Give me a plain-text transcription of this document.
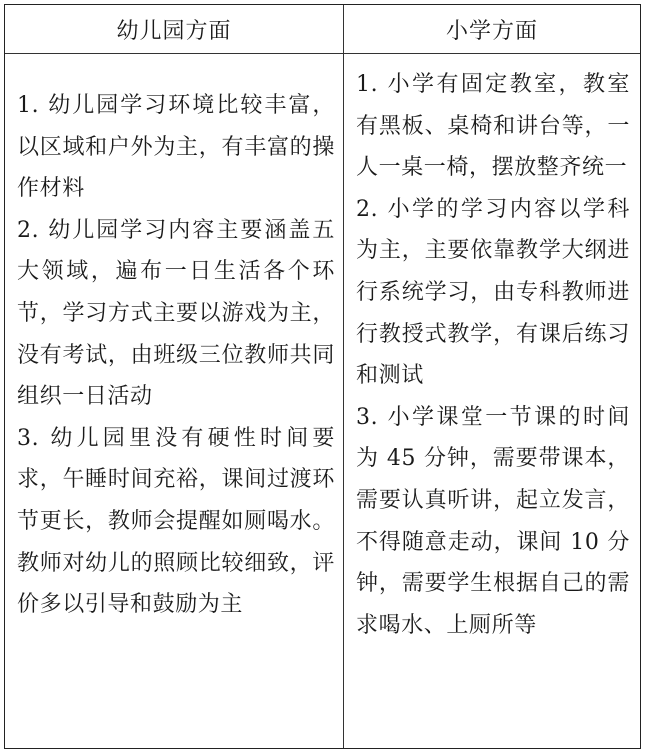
幼儿园方面	小学方面
1. 幼儿园学习环境比较丰富，以区域和户外为主，有丰富的操作材料
2. 幼儿园学习内容主要涵盖五大领域，遍布一日生活各个环节，学习方式主要以游戏为主，没有考试，由班级三位教师共同组织一日活动
3. 幼儿园里没有硬性时间要求，午睡时间充裕，课间过渡环节更长，教师会提醒如厕喝水。教师对幼儿的照顾比较细致，评价多以引导和鼓励为主
1. 小学有固定教室，教室有黑板、桌椅和讲台等，一人一桌一椅，摆放整齐统一
2. 小学的学习内容以学科为主，主要依靠教学大纲进行系统学习，由专科教师进行教授式教学，有课后练习和测试
3. 小学课堂一节课的时间为 45 分钟，需要带课本，需要认真听讲，起立发言，不得随意走动，课间 10 分钟，需要学生根据自己的需求喝水、上厕所等
